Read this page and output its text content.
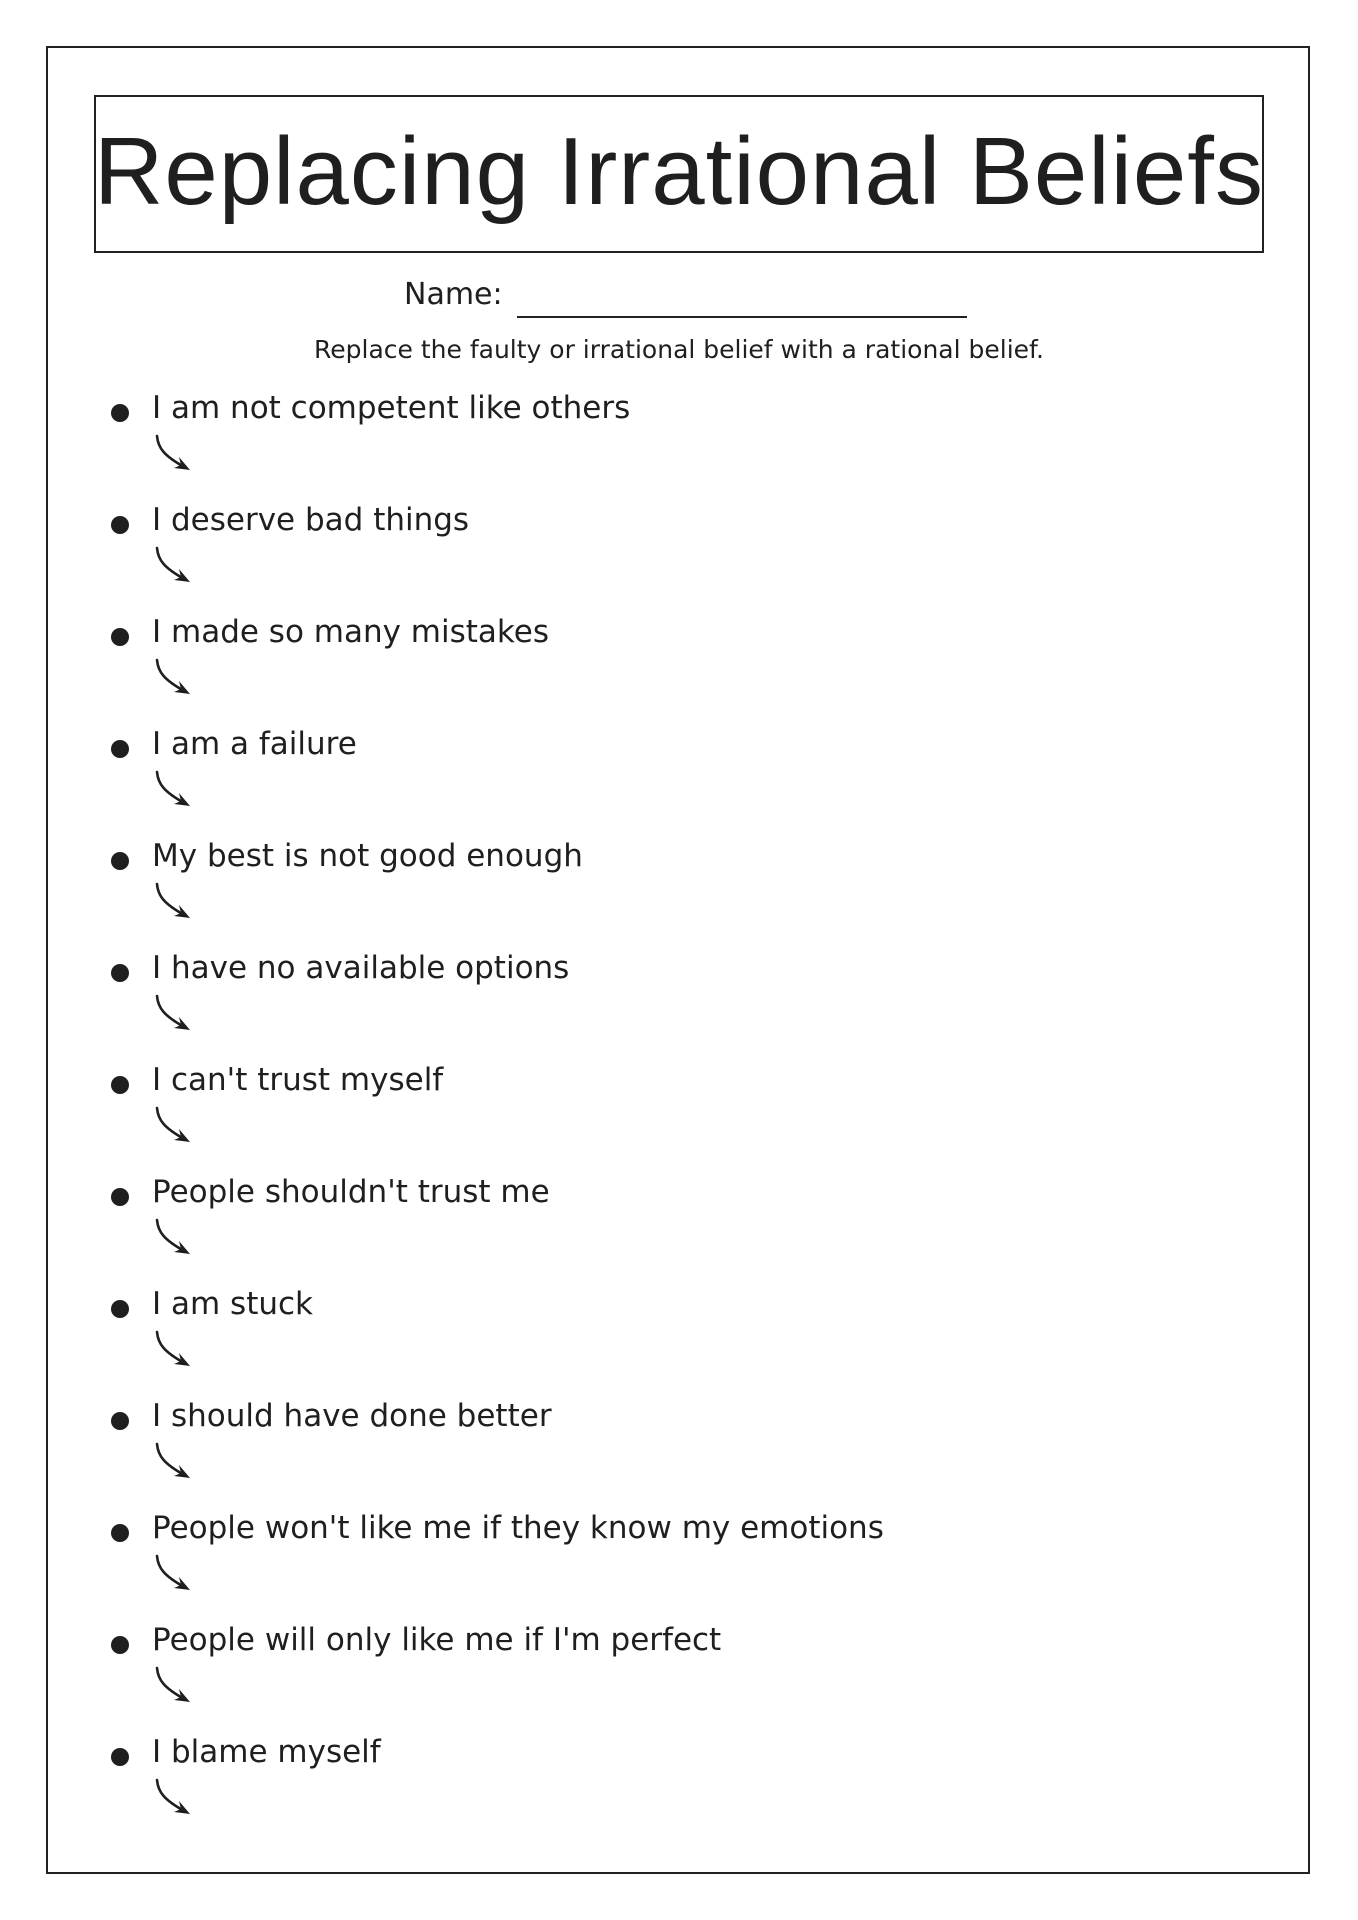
Replacing Irrational Beliefs
Name:
Replace the faulty or irrational belief with a rational belief.
I am not competent like others
I deserve bad things
I made so many mistakes
I am a failure
My best is not good enough
I have no available options
I can't trust myself
People shouldn't trust me
I am stuck
I should have done better
People won't like me if they know my emotions
People will only like me if I'm perfect
I blame myself
